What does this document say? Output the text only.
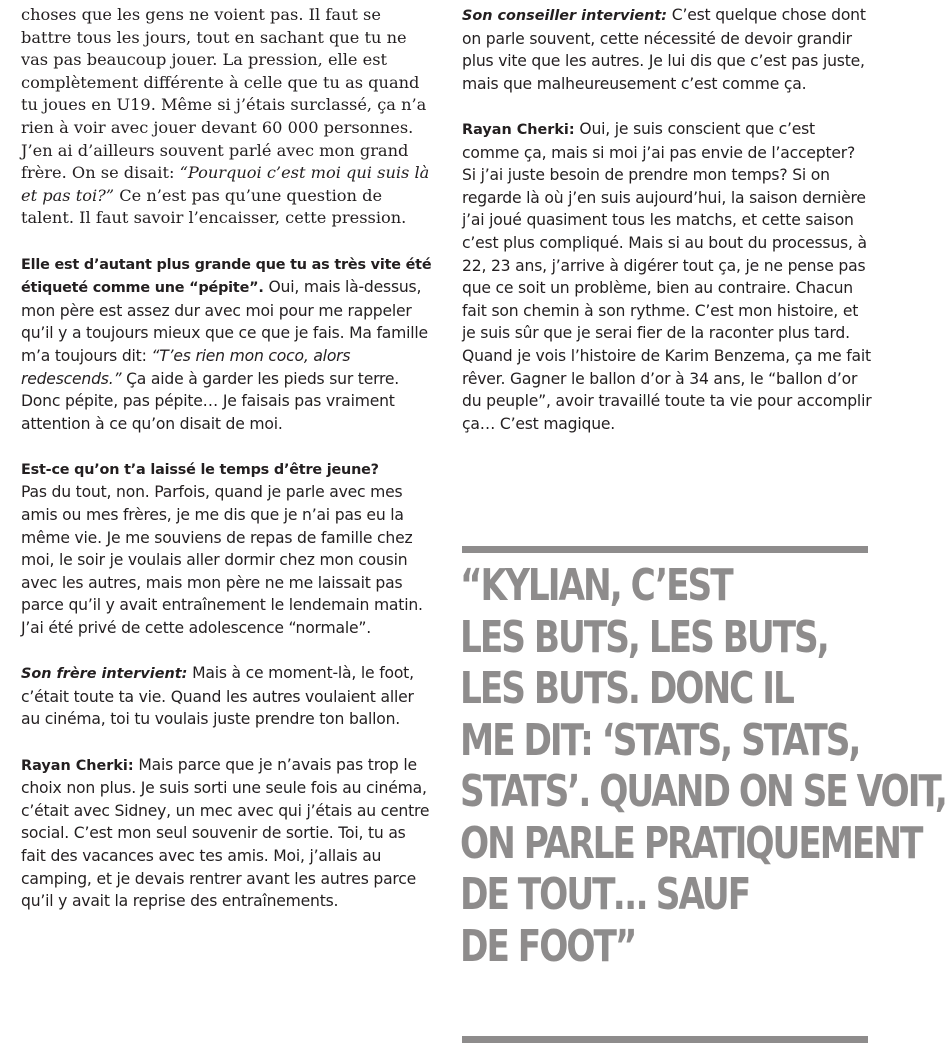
choses que les gens ne voient pas. Il faut se battre tous les jours, tout en sachant que tu ne vas pas beaucoup jouer. La pression, elle est complètement différente à celle que tu as quand tu joues en U19. Même si j’étais surclassé, ça n’a rien à voir avec jouer devant 60 000 personnes. J’en ai d’ailleurs souvent parlé avec mon grand frère. On se disait: “Pourquoi c’est moi qui suis là et pas toi?” Ce n’est pas qu’une question de talent. Il faut savoir l’encaisser, cette pression.

Elle est d’autant plus grande que tu as très vite été étiqueté comme une “pépite”. Oui, mais là-dessus, mon père est assez dur avec moi pour me rappeler qu’il y a toujours mieux que ce que je fais. Ma famille m’a toujours dit: “T’es rien mon coco, alors redescends.” Ça aide à garder les pieds sur terre. Donc pépite, pas pépite… Je faisais pas vraiment attention à ce qu’on disait de moi.

Est-ce qu’on t’a laissé le temps d’être jeune?
Pas du tout, non. Parfois, quand je parle avec mes amis ou mes frères, je me dis que je n’ai pas eu la même vie. Je me souviens de repas de famille chez moi, le soir je voulais aller dormir chez mon cousin avec les autres, mais mon père ne me laissait pas parce qu’il y avait entraînement le lendemain matin. J’ai été privé de cette adolescence “normale”.

Son frère intervient: Mais à ce moment-là, le foot, c’était toute ta vie. Quand les autres voulaient aller au cinéma, toi tu voulais juste prendre ton ballon.

Rayan Cherki: Mais parce que je n’avais pas trop le choix non plus. Je suis sorti une seule fois au cinéma, c’était avec Sidney, un mec avec qui j’étais au centre social. C’est mon seul souvenir de sortie. Toi, tu as fait des vacances avec tes amis. Moi, j’allais au camping, et je devais rentrer avant les autres parce qu’il y avait la reprise des entraînements.

Son conseiller intervient: C’est quelque chose dont on parle souvent, cette nécessité de devoir grandir plus vite que les autres. Je lui dis que c’est pas juste, mais que malheureusement c’est comme ça.

Rayan Cherki: Oui, je suis conscient que c’est comme ça, mais si moi j’ai pas envie de l’accepter? Si j’ai juste besoin de prendre mon temps? Si on regarde là où j’en suis aujourd’hui, la saison dernière j’ai joué quasiment tous les matchs, et cette saison c’est plus compliqué. Mais si au bout du processus, à 22, 23 ans, j’arrive à digérer tout ça, je ne pense pas que ce soit un problème, bien au contraire. Chacun fait son chemin à son rythme. C’est mon histoire, et je suis sûr que je serai fier de la raconter plus tard. Quand je vois l’histoire de Karim Benzema, ça me fait rêver. Gagner le ballon d’or à 34 ans, le “ballon d’or du peuple”, avoir travaillé toute ta vie pour accomplir ça… C’est magique.

“KYLIAN, C’EST
LES BUTS, LES BUTS,
LES BUTS. DONC IL
ME DIT: ‘STATS, STATS,
STATS’. QUAND ON SE VOIT,
ON PARLE PRATIQUEMENT
DE TOUT… SAUF
DE FOOT”
